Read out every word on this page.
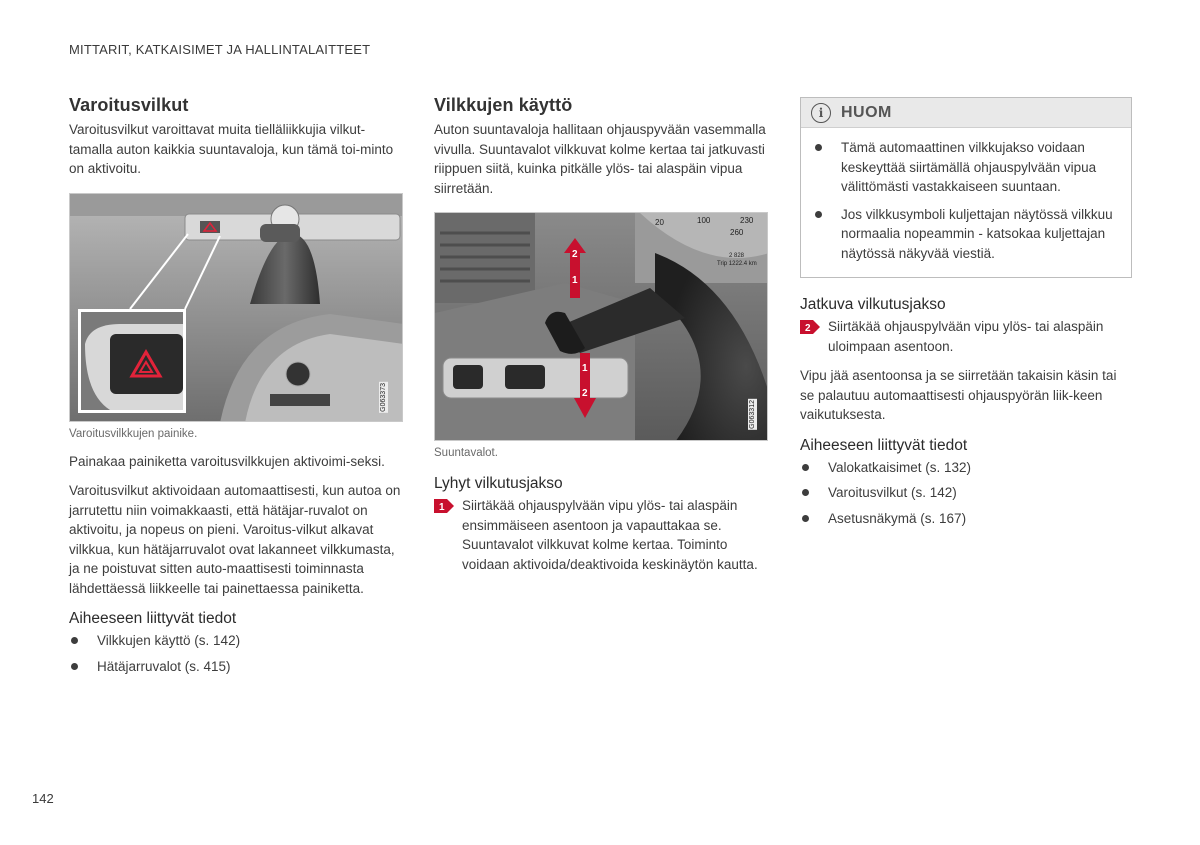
MITTARIT, KATKAISIMET JA HALLINTALAITTEET
Varoitusvilkut

Varoitusvilkut varoittavat muita tielläliikkujia vilkut-tamalla auton kaikkia suuntavaloja, kun tämä toi-minto on aktivoitu.

G063373
Varoitusvilkkujen painike.

Painakaa painiketta varoitusvilkkujen aktivoimi-seksi.

Varoitusvilkut aktivoidaan automaattisesti, kun autoa on jarrutettu niin voimakkaasti, että hätäjar-ruvalot on aktivoitu, ja nopeus on pieni. Varoitus-vilkut alkavat vilkkua, kun hätäjarruvalot ovat lakanneet vilkkumasta, ja ne poistuvat sitten auto-maattisesti toiminnasta lähdettäessä liikkeelle tai painettaessa painiketta.

Aiheeseen liittyvät tiedot
Vilkkujen käyttö (s. 142)
Hätäjarruvalot (s. 415)
Vilkkujen käyttö

Auton suuntavaloja hallitaan ohjauspyvään vasemmalla vivulla. Suuntavalot vilkkuvat kolme kertaa tai jatkuvasti riippuen siitä, kuinka pitkälle ylös- tai alaspäin vipua siirretään.

20	100	230
260
2 828
Trip 1222.4 km
2
1
1
2
G063312
Suuntavalot.
Lyhyt vilkutusjakso
1 Siirtäkää ohjauspylvään vipu ylös- tai alaspäin ensimmäiseen asentoon ja vapauttakaa se. Suuntavalot vilkkuvat kolme kertaa. Toiminto voidaan aktivoida/deaktivoida keskinäytön kautta.
i	HUOM
Tämä automaattinen vilkkujakso voidaan keskeyttää siirtämällä ohjauspylvään vipua välittömästi vastakkaiseen suuntaan.
Jos vilkkusymboli kuljettajan näytössä vilkkuu normaalia nopeammin - katsokaa kuljettajan näytössä näkyvää viestiä.
Jatkuva vilkutusjakso
2 Siirtäkää ohjauspylvään vipu ylös- tai alaspäin uloimpaan asentoon.

Vipu jää asentoonsa ja se siirretään takaisin käsin tai se palautuu automaattisesti ohjauspyörän liik-keen vaikutuksesta.

Aiheeseen liittyvät tiedot
Valokatkaisimet (s. 132)
Varoitusvilkut (s. 142)
Asetusnäkymä (s. 167)
142
